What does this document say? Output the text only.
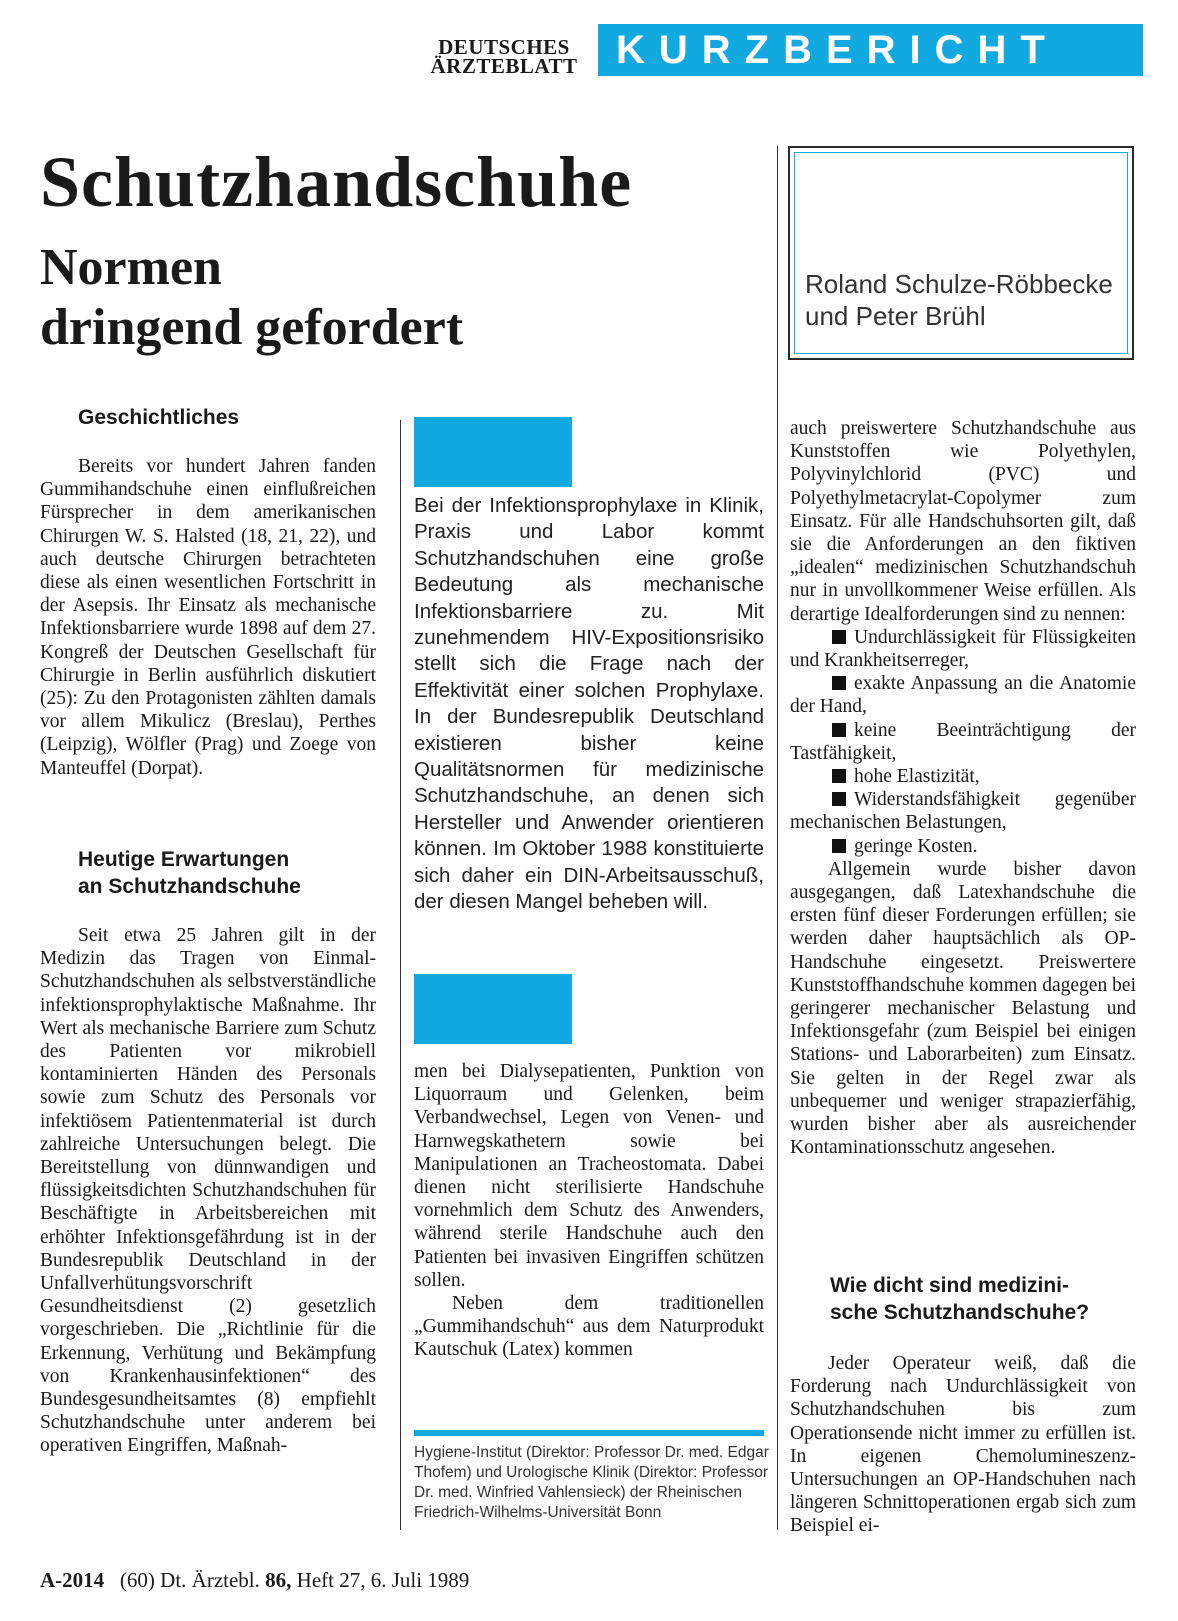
DEUTSCHES
ÄRZTEBLATT KURZBERICHT
Schutzhandschuhe
Normen
dringend gefordert
Roland Schulze-Röbbecke
und Peter Brühl
Geschichtliches

Bereits vor hundert Jahren fanden Gummihandschuhe einen einflußreichen Fürsprecher in dem amerikanischen Chirurgen W. S. Halsted (18, 21, 22), und auch deutsche Chirurgen betrachteten diese als einen wesentlichen Fortschritt in der Asepsis. Ihr Einsatz als mechanische Infektionsbarriere wurde 1898 auf dem 27. Kongreß der Deutschen Gesellschaft für Chirurgie in Berlin ausführlich diskutiert (25): Zu den Protagonisten zählten damals vor allem Mikulicz (Breslau), Perthes (Leipzig), Wölfler (Prag) und Zoege von Manteuffel (Dorpat).

Heutige Erwartungen
an Schutzhandschuhe

Seit etwa 25 Jahren gilt in der Medizin das Tragen von Einmal-Schutzhandschuhen als selbstverständliche infektionsprophylaktische Maßnahme. Ihr Wert als mechanische Barriere zum Schutz des Patienten vor mikrobiell kontaminierten Händen des Personals sowie zum Schutz des Personals vor infektiösem Patientenmaterial ist durch zahlreiche Untersuchungen belegt. Die Bereitstellung von dünnwandigen und flüssigkeitsdichten Schutzhandschuhen für Beschäftigte in Arbeitsbereichen mit erhöhter Infektionsgefährdung ist in der Bundesrepublik Deutschland in der Unfallverhütungsvorschrift Gesundheitsdienst (2) gesetzlich vorgeschrieben. Die „Richtlinie für die Erkennung, Verhütung und Bekämpfung von Krankenhausinfektionen“ des Bundesgesundheitsamtes (8) empfiehlt Schutzhandschuhe unter anderem bei operativen Eingriffen, Maßnah-

Bei der Infektionsprophylaxe in Klinik, Praxis und Labor kommt Schutzhandschuhen eine große Bedeutung als mechanische Infektionsbarriere zu. Mit zunehmendem HIV-Expositionsrisiko stellt sich die Frage nach der Effektivität einer solchen Prophylaxe. In der Bundesrepublik Deutschland existieren bisher keine Qualitätsnormen für medizinische Schutzhandschuhe, an denen sich Hersteller und Anwender orientieren können. Im Oktober 1988 konstituierte sich daher ein DIN-Arbeitsausschuß, der diesen Mangel beheben will.

men bei Dialysepatienten, Punktion von Liquorraum und Gelenken, beim Verbandwechsel, Legen von Venen- und Harnwegskathetern sowie bei Manipulationen an Tracheostomata. Dabei dienen nicht sterilisierte Handschuhe vornehmlich dem Schutz des Anwenders, während sterile Handschuhe auch den Patienten bei invasiven Eingriffen schützen sollen.

Neben dem traditionellen „Gummihandschuh“ aus dem Naturprodukt Kautschuk (Latex) kommen

Hygiene-Institut (Direktor: Professor Dr. med. Edgar Thofem) und Urologische Klinik (Direktor: Professor Dr. med. Winfried Vahlensieck) der Rheinischen Friedrich-Wilhelms-Universität Bonn

auch preiswertere Schutzhandschuhe aus Kunststoffen wie Polyethylen, Polyvinylchlorid (PVC) und Polyethylmetacrylat-Copolymer zum Einsatz. Für alle Handschuhsorten gilt, daß sie die Anforderungen an den fiktiven „idealen“ medizinischen Schutzhandschuh nur in unvollkommener Weise erfüllen. Als derartige Idealforderungen sind zu nennen:

Undurchlässigkeit für Flüssigkeiten und Krankheitserreger,

exakte Anpassung an die Anatomie der Hand,

keine Beeinträchtigung der Tastfähigkeit,

hohe Elastizität,

Widerstandsfähigkeit gegenüber mechanischen Belastungen,

geringe Kosten.

Allgemein wurde bisher davon ausgegangen, daß Latexhandschuhe die ersten fünf dieser Forderungen erfüllen; sie werden daher hauptsächlich als OP-Handschuhe eingesetzt. Preiswertere Kunststoffhandschuhe kommen dagegen bei geringerer mechanischer Belastung und Infektionsgefahr (zum Beispiel bei einigen Stations- und Laborarbeiten) zum Einsatz. Sie gelten in der Regel zwar als unbequemer und weniger strapazierfähig, wurden bisher aber als ausreichender Kontaminationsschutz angesehen.

Wie dicht sind medizini-
sche Schutzhandschuhe?

Jeder Operateur weiß, daß die Forderung nach Undurchlässigkeit von Schutzhandschuhen bis zum Operationsende nicht immer zu erfüllen ist. In eigenen Chemolumineszenz-Untersuchungen an OP-Handschuhen nach längeren Schnittoperationen ergab sich zum Beispiel ei-

A-2014 (60) Dt. Ärztebl. 86, Heft 27, 6. Juli 1989
